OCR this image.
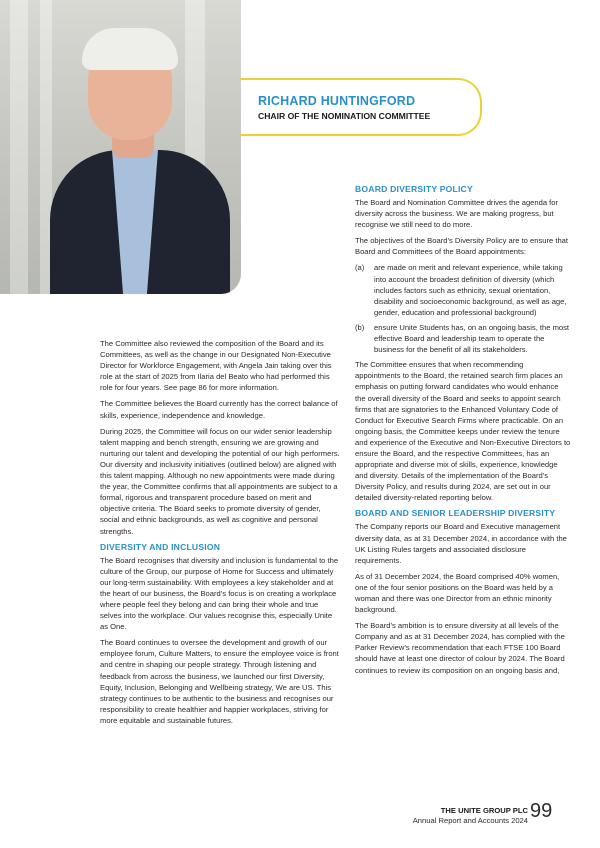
RICHARD HUNTINGFORD
CHAIR OF THE NOMINATION COMMITTEE

The Committee also reviewed the composition of the Board and its Committees, as well as the change in our Designated Non-Executive Director for Workforce Engagement, with Angela Jain taking over this role at the start of 2025 from Ilaria del Beato who had performed this role for four years. See page 86 for more information.

The Committee believes the Board currently has the correct balance of skills, experience, independence and knowledge.

During 2025, the Committee will focus on our wider senior leadership talent mapping and bench strength, ensuring we are growing and nurturing our talent and developing the potential of our high performers. Our diversity and inclusivity initiatives (outlined below) are aligned with this talent mapping. Although no new appointments were made during the year, the Committee confirms that all appointments are subject to a formal, rigorous and transparent procedure based on merit and objective criteria. The Board seeks to promote diversity of gender, social and ethnic backgrounds, as well as cognitive and personal strengths.

DIVERSITY AND INCLUSION

The Board recognises that diversity and inclusion is fundamental to the culture of the Group, our purpose of Home for Success and ultimately our long-term sustainability. With employees a key stakeholder and at the heart of our business, the Board’s focus is on creating a workplace where people feel they belong and can bring their whole and true selves into the workplace. Our values recognise this, especially Unite as One.

The Board continues to oversee the development and growth of our employee forum, Culture Matters, to ensure the employee voice is front and centre in shaping our people strategy. Through listening and feedback from across the business, we launched our first Diversity, Equity, Inclusion, Belonging and Wellbeing strategy, We are US. This strategy continues to be authentic to the business and recognises our responsibility to create healthier and happier workplaces, striving for more equitable and sustainable futures.

BOARD DIVERSITY POLICY

The Board and Nomination Committee drives the agenda for diversity across the business. We are making progress, but recognise we still need to do more.

The objectives of the Board’s Diversity Policy are to ensure that Board and Committees of the Board appointments:

(a)	are made on merit and relevant experience, while taking into account the broadest definition of diversity (which includes factors such as ethnicity, sexual orientation, disability and socioeconomic background, as well as age, gender, education and professional background)
(b)	ensure Unite Students has, on an ongoing basis, the most effective Board and leadership team to operate the business for the benefit of all its stakeholders.

The Committee ensures that when recommending appointments to the Board, the retained search firm places an emphasis on putting forward candidates who would enhance the overall diversity of the Board and seeks to appoint search firms that are signatories to the Enhanced Voluntary Code of Conduct for Executive Search Firms where practicable. On an ongoing basis, the Committee keeps under review the tenure and experience of the Executive and Non-Executive Directors to ensure the Board, and the respective Committees, has an appropriate and diverse mix of skills, experience, knowledge and diversity. Details of the implementation of the Board’s Diversity Policy, and results during 2024, are set out in our detailed diversity-related reporting below.

BOARD AND SENIOR LEADERSHIP DIVERSITY

The Company reports our Board and Executive management diversity data, as at 31 December 2024, in accordance with the UK Listing Rules targets and associated disclosure requirements.

As of 31 December 2024, the Board comprised 40% women, one of the four senior positions on the Board was held by a woman and there was one Director from an ethnic minority background.

The Board’s ambition is to ensure diversity at all levels of the Company and as at 31 December 2024, has complied with the Parker Review’s recommendation that each FTSE 100 Board should have at least one director of colour by 2024. The Board continues to review its composition on an ongoing basis and,

THE UNITE GROUP PLC
Annual Report and Accounts 2024 99
